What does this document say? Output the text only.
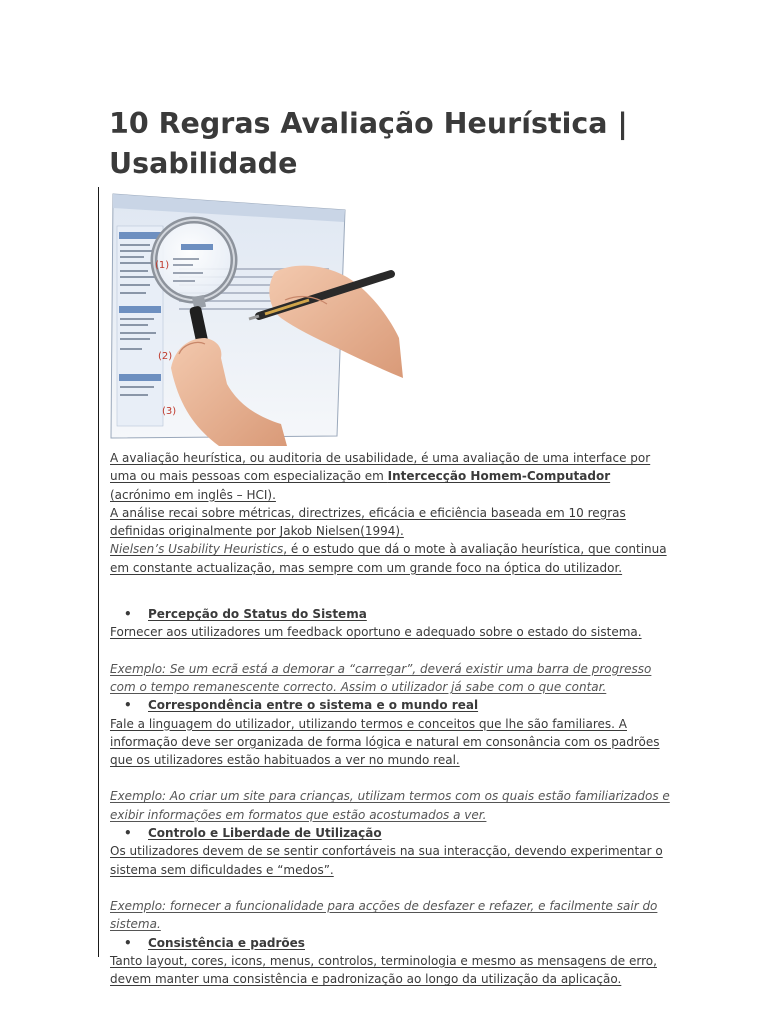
10 Regras Avaliação Heurística | Usabilidade
(1)
(2)
(3)

A avaliação heurística, ou auditoria de usabilidade, é uma avaliação de uma interface por uma ou mais pessoas com especialização em Intercecção Homem-Computador (acrónimo em inglês – HCI).

A análise recai sobre métricas, directrizes, eficácia e eficiência baseada em 10 regras definidas originalmente por Jakob Nielsen(1994).

Nielsen’s Usability Heuristics, é o estudo que dá o mote à avaliação heurística, que continua em constante actualização, mas sempre com um grande foco na óptica do utilizador.

• Percepção do Status do Sistema

Fornecer aos utilizadores um feedback oportuno e adequado sobre o estado do sistema.

Exemplo: Se um ecrã está a demorar a “carregar”, deverá existir uma barra de progresso com o tempo remanescente correcto. Assim o utilizador já sabe com o que contar.

• Correspondência entre o sistema e o mundo real

Fale a linguagem do utilizador, utilizando termos e conceitos que lhe são familiares. A informação deve ser organizada de forma lógica e natural em consonância com os padrões que os utilizadores estão habituados a ver no mundo real.

Exemplo: Ao criar um site para crianças, utilizam termos com os quais estão familiarizados e exibir informações em formatos que estão acostumados a ver.

• Controlo e Liberdade de Utilização

Os utilizadores devem de se sentir confortáveis na sua interacção, devendo experimentar o sistema sem dificuldades e “medos”.

Exemplo: fornecer a funcionalidade para acções de desfazer e refazer, e facilmente sair do sistema.

• Consistência e padrões

Tanto layout, cores, icons, menus, controlos, terminologia e mesmo as mensagens de erro, devem manter uma consistência e padronização ao longo da utilização da aplicação.
